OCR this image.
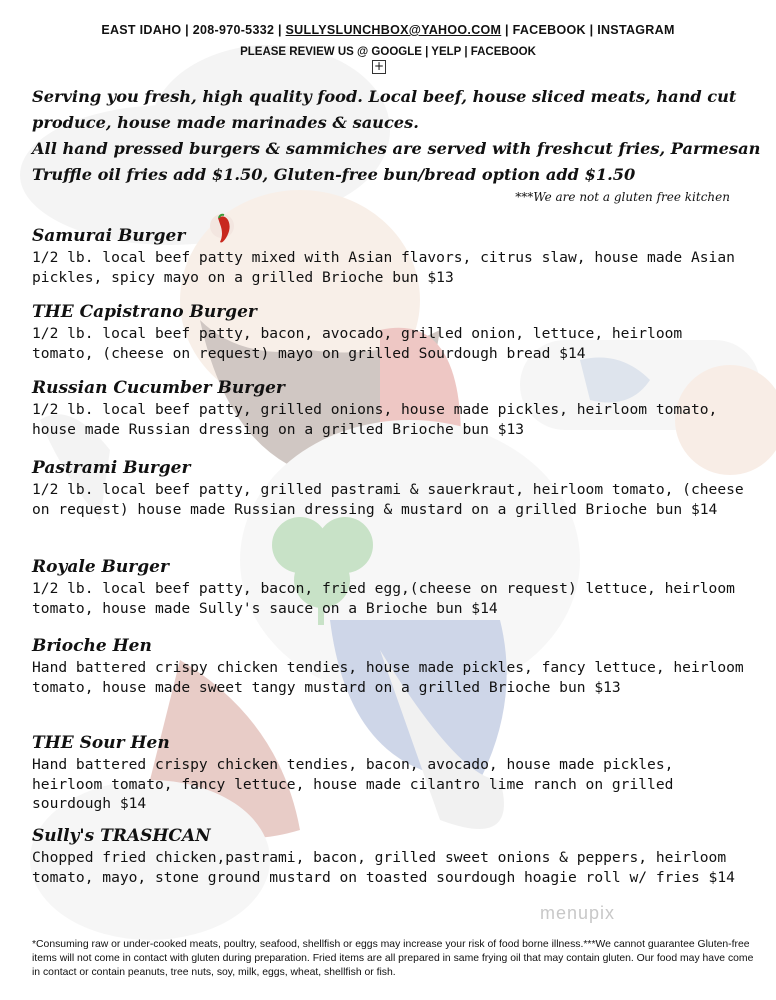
EAST IDAHO | 208-970-5332 | SULLYSLUNCHBOX@YAHOO.COM | FACEBOOK | INSTAGRAM
PLEASE REVIEW US @ GOOGLE | YELP | FACEBOOK
+

Serving you fresh, high quality food. Local beef, house sliced meats, hand cut produce, house made marinades & sauces.

All hand pressed burgers & sammiches are served with freshcut fries, Parmesan Truffle oil fries add $1.50, Gluten-free bun/bread option add $1.50

***We are not a gluten free kitchen
Samurai Burger

1/2 lb. local beef patty mixed with Asian flavors, citrus slaw, house made Asian pickles, spicy mayo on a grilled Brioche bun $13

THE Capistrano Burger

1/2 lb. local beef patty, bacon, avocado, grilled onion, lettuce, heirloom tomato, (cheese on request) mayo on grilled Sourdough bread $14

Russian Cucumber Burger

1/2 lb. local beef patty, grilled onions, house made pickles, heirloom tomato, house made Russian dressing on a grilled Brioche bun $13

Pastrami Burger

1/2 lb. local beef patty, grilled pastrami & sauerkraut, heirloom tomato, (cheese on request) house made Russian dressing & mustard on a grilled Brioche bun $14

Royale Burger

1/2 lb. local beef patty, bacon, fried egg,(cheese on request) lettuce, heirloom tomato, house made Sully's sauce on a Brioche bun $14

Brioche Hen

Hand battered crispy chicken tendies, house made pickles, fancy lettuce, heirloom tomato, house made sweet tangy mustard on a grilled Brioche bun $13

THE Sour Hen

Hand battered crispy chicken tendies, bacon, avocado, house made pickles, heirloom tomato, fancy lettuce, house made cilantro lime ranch on grilled sourdough $14

Sully's TRASHCAN

Chopped fried chicken,pastrami, bacon, grilled sweet onions & peppers, heirloom tomato, mayo, stone ground mustard on toasted sourdough hoagie roll w/ fries $14

menupix
*Consuming raw or under-cooked meats, poultry, seafood, shellfish or eggs may increase your risk of food borne illness.***We cannot guarantee Gluten-free items will not come in contact with gluten during preparation. Fried items are all prepared in same frying oil that may contain gluten. Our food may have come in contact or contain peanuts, tree nuts, soy, milk, eggs, wheat, shellfish or fish.
